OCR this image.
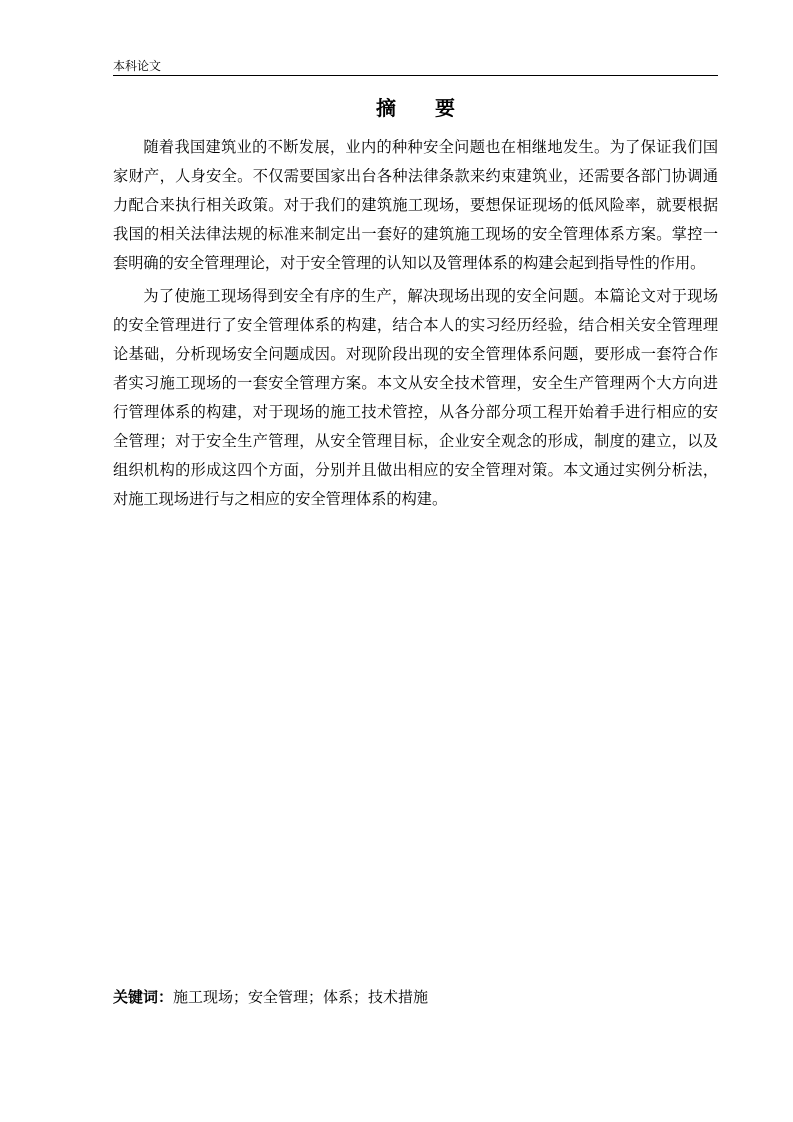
本科论文
摘 要

随着我国建筑业的不断发展，业内的种种安全问题也在相继地发生。为了保证我们国家财产，人身安全。不仅需要国家出台各种法律条款来约束建筑业，还需要各部门协调通力配合来执行相关政策。对于我们的建筑施工现场，要想保证现场的低风险率，就要根据我国的相关法律法规的标准来制定出一套好的建筑施工现场的安全管理体系方案。掌控一套明确的安全管理理论，对于安全管理的认知以及管理体系的构建会起到指导性的作用。

为了使施工现场得到安全有序的生产，解决现场出现的安全问题。本篇论文对于现场的安全管理进行了安全管理体系的构建，结合本人的实习经历经验，结合相关安全管理理论基础，分析现场安全问题成因。对现阶段出现的安全管理体系问题，要形成一套符合作者实习施工现场的一套安全管理方案。本文从安全技术管理，安全生产管理两个大方向进行管理体系的构建，对于现场的施工技术管控，从各分部分项工程开始着手进行相应的安全管理；对于安全生产管理，从安全管理目标，企业安全观念的形成，制度的建立，以及组织机构的形成这四个方面，分别并且做出相应的安全管理对策。本文通过实例分析法，对施工现场进行与之相应的安全管理体系的构建。

关键词：施工现场；安全管理；体系；技术措施
